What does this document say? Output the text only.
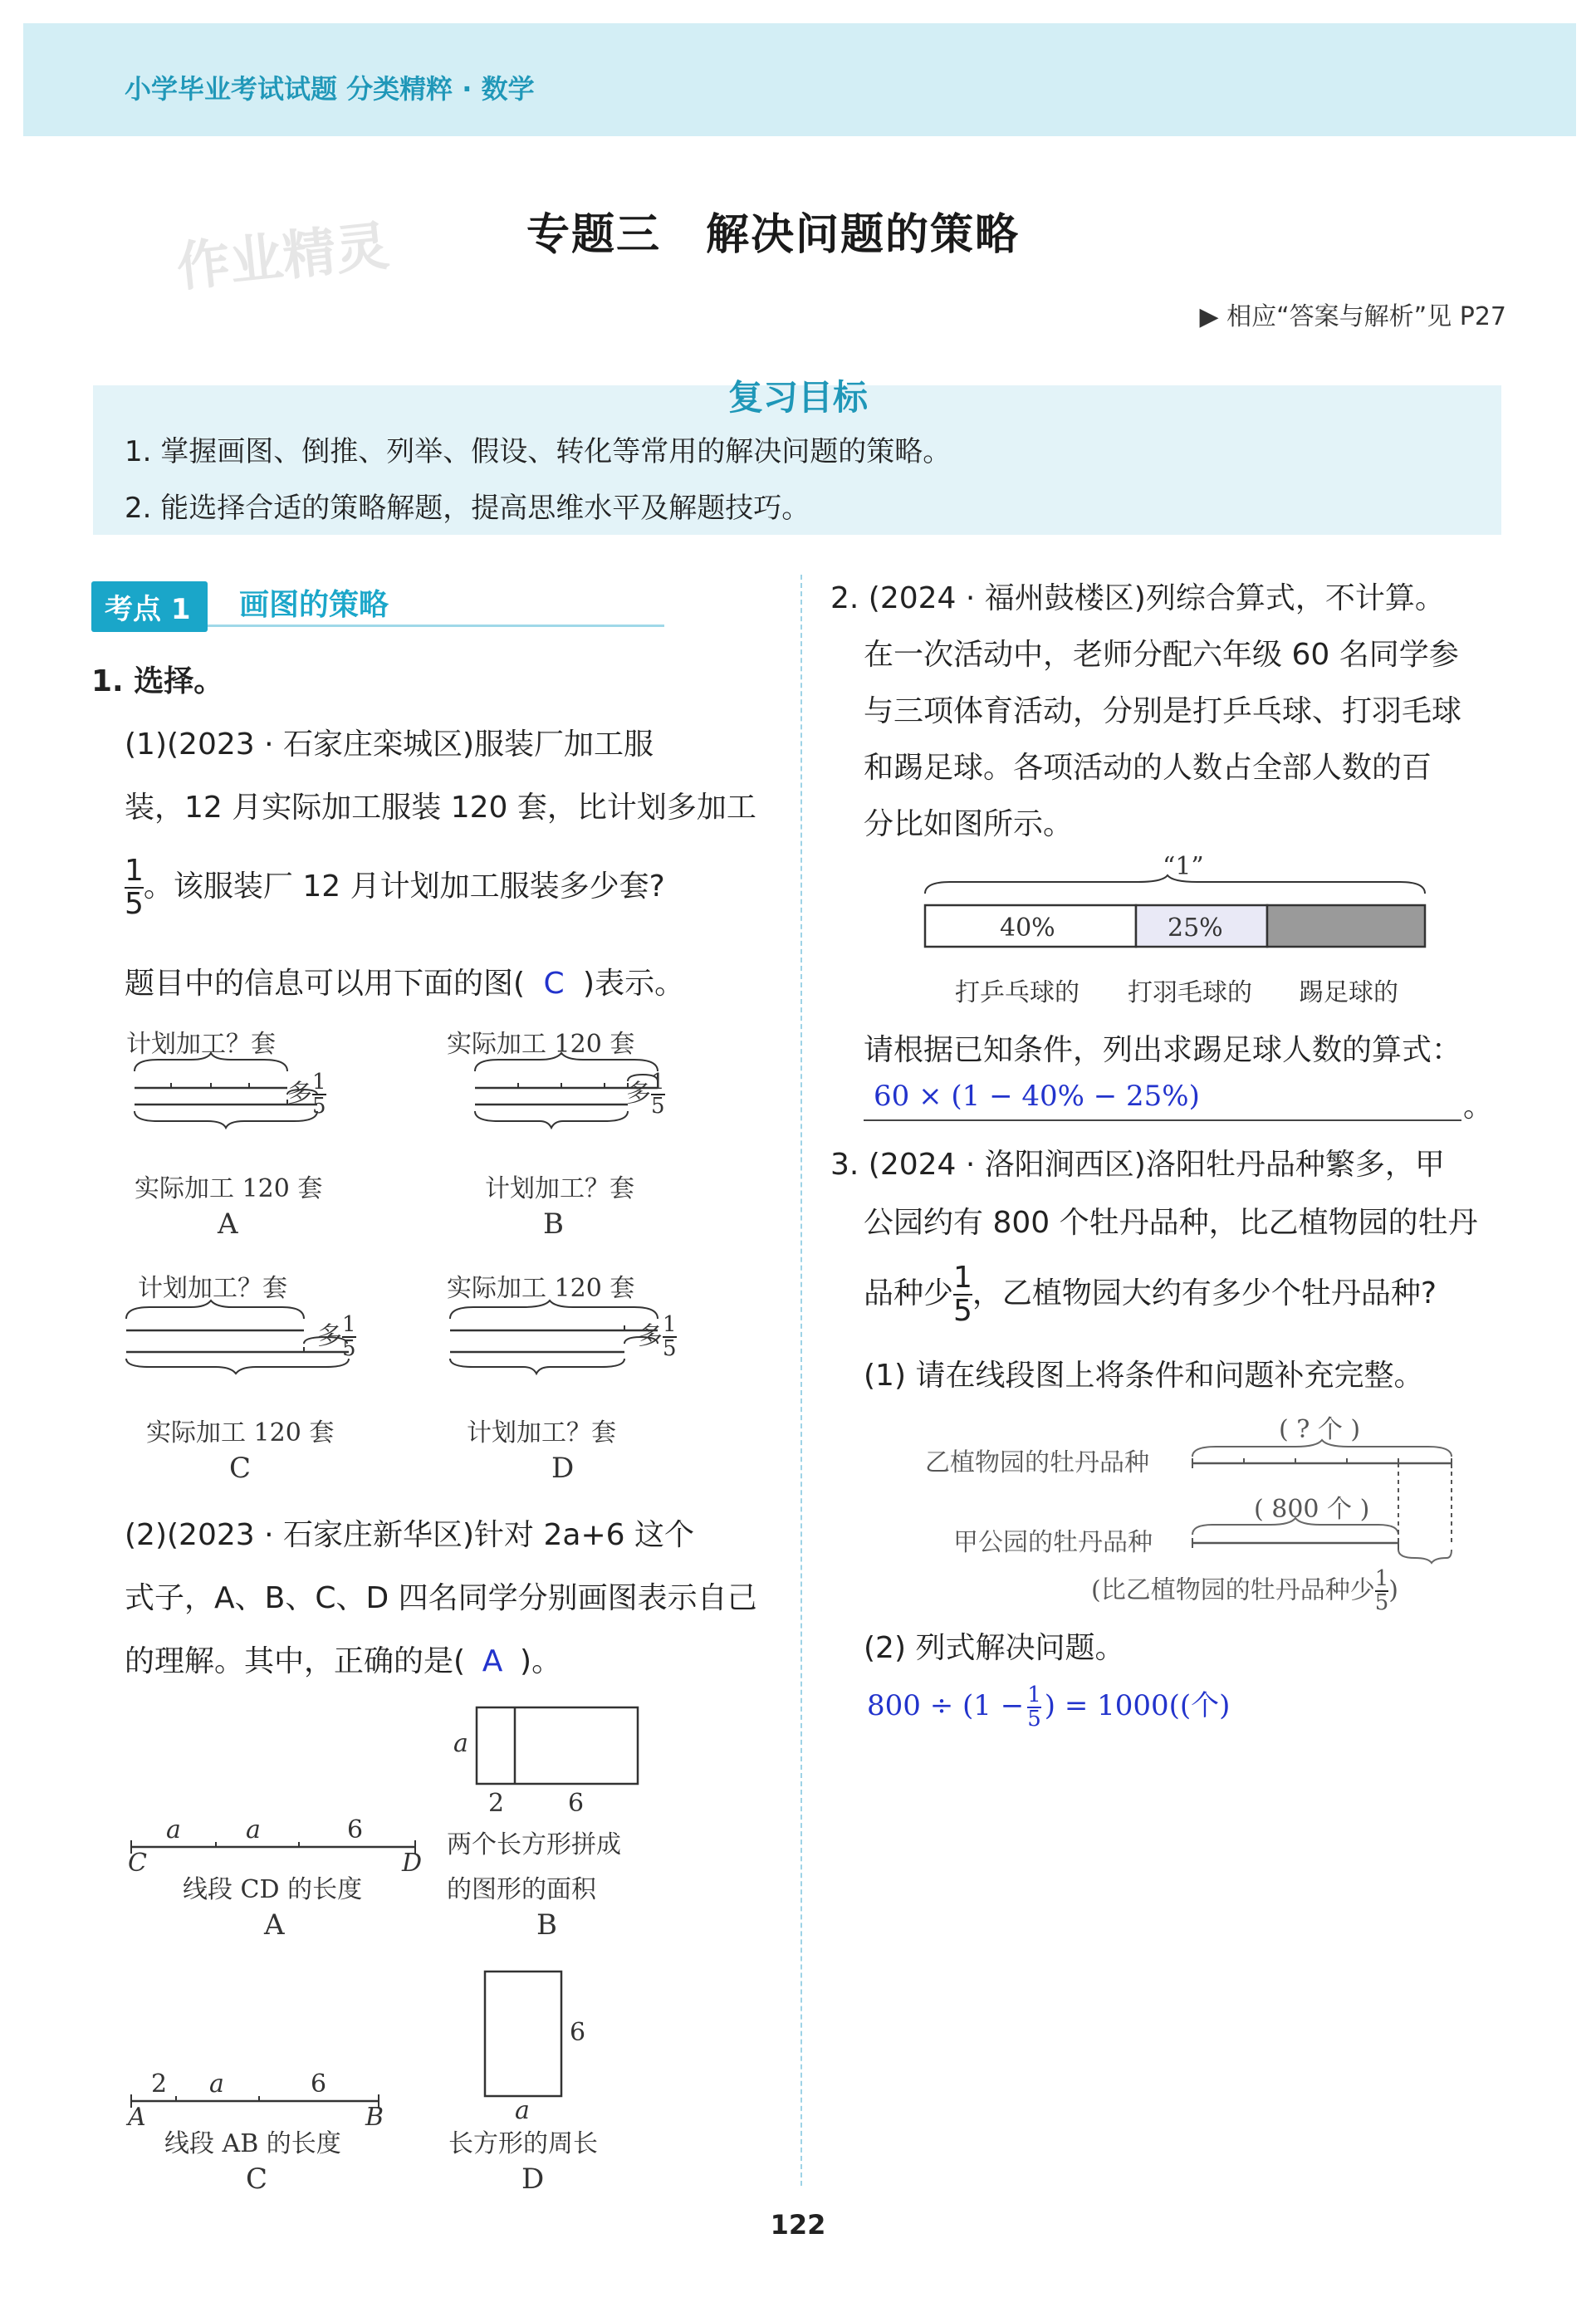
小学毕业考试试题 分类精粹 · 数学
作业精灵	专题三 解决问题的策略
▶ 相应“答案与解析”见 P27
复习目标
1. 掌握画图、倒推、列举、假设、转化等常用的解决问题的策略。
2. 能选择合适的策略解题，提高思维水平及解题技巧。
考点 1	画图的策略
1. 选择。
(1)(2023 · 石家庄栾城区)服装厂加工服
装，12 月实际加工服装 120 套，比计划多加工
$\frac{1}{5}$ 。该服装厂 12 月计划加工服装多少套?
题目中的信息可以用下面的图( C )表示。
计划加工？套
多 $\frac{1}{5}$
实际加工 120 套
A
实际加工 120 套
多 $\frac{1}{5}$
计划加工？套
B
计划加工？套
多 $\frac{1}{5}$
实际加工 120 套
C
实际加工 120 套
多 $\frac{1}{5}$
计划加工？套
D
(2)(2023 · 石家庄新华区)针对 2a+6 这个
式子，A、B、C、D 四名同学分别画图表示自己
的理解。其中，正确的是( A )。
a	a	6
C	D
线段 CD 的长度
A
a
2	6
两个长方形拼成
的图形的面积
B
2 a	6
A	B
线段 AB 的长度
C
6
a
长方形的周长
D
2. (2024 · 福州鼓楼区)列综合算式，不计算。
在一次活动中，老师分配六年级 60 名同学参
与三项体育活动，分别是打乒乓球、打羽毛球
和踢足球。各项活动的人数占全部人数的百
分比如图所示。
“1”
40%	25%
打乒乓球的 打羽毛球的 踢足球的
请根据已知条件，列出求踢足球人数的算式：
60 × (1 − 40% − 25%)	。
3. (2024 · 洛阳涧西区)洛阳牡丹品种繁多，甲
公园约有 800 个牡丹品种，比乙植物园的牡丹
品种少 $\frac{1}{5}$ ，乙植物园大约有多少个牡丹品种?
(1) 请在线段图上将条件和问题补充完整。
( ? 个 )
乙植物园的牡丹品种
( 800 个 )
甲公园的牡丹品种
(比乙植物园的牡丹品种少 $\frac{1}{5}$ )
(2) 列式解决问题。
$800 \div (1 - \frac{1}{5}$ ) = 1000((个)
122
